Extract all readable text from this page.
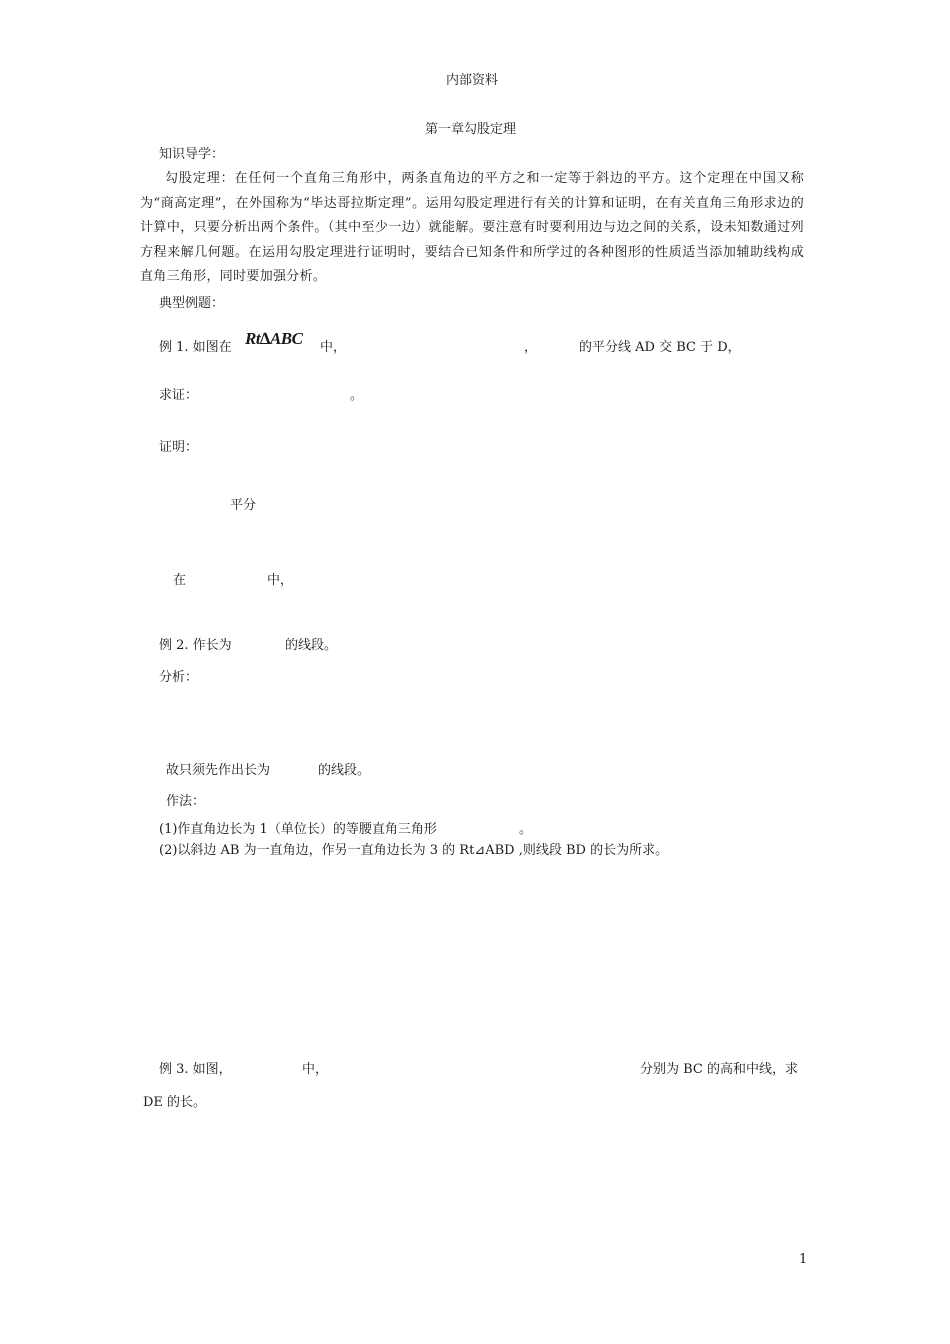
内部资料
第一章勾股定理
知识导学：
勾股定理：在任何一个直角三角形中，两条直角边的平方之和一定等于斜边的平方。这个定理在中国又称为“商高定理”，在外国称为“毕达哥拉斯定理”。运用勾股定理进行有关的计算和证明，在有关直角三角形求边的计算中，只要分析出两个条件。（其中至少一边）就能解。要注意有时要利用边与边之间的关系，设未知数通过列方程来解几何题。在运用勾股定理进行证明时，要结合已知条件和所学过的各种图形的性质适当添加辅助线构成直角三角形，同时要加强分析。
典型例题：
例 1. 如图在 Rt∆ABC 中，	，	的平分线 AD 交 BC 于 D，
求证：	。
证明：
平分
在	中，
例 2. 作长为	的线段。
分析：
故只须先作出长为	的线段。
作法：
(1)作直角边长为 1（单位长）的等腰直角三角形	。
(2)以斜边 AB 为一直角边，作另一直角边长为 3 的 Rt⊿ABD ,则线段 BD 的长为所求。
例 3. 如图，	中，	分别为 BC 的高和中线，求
DE 的长。
1
